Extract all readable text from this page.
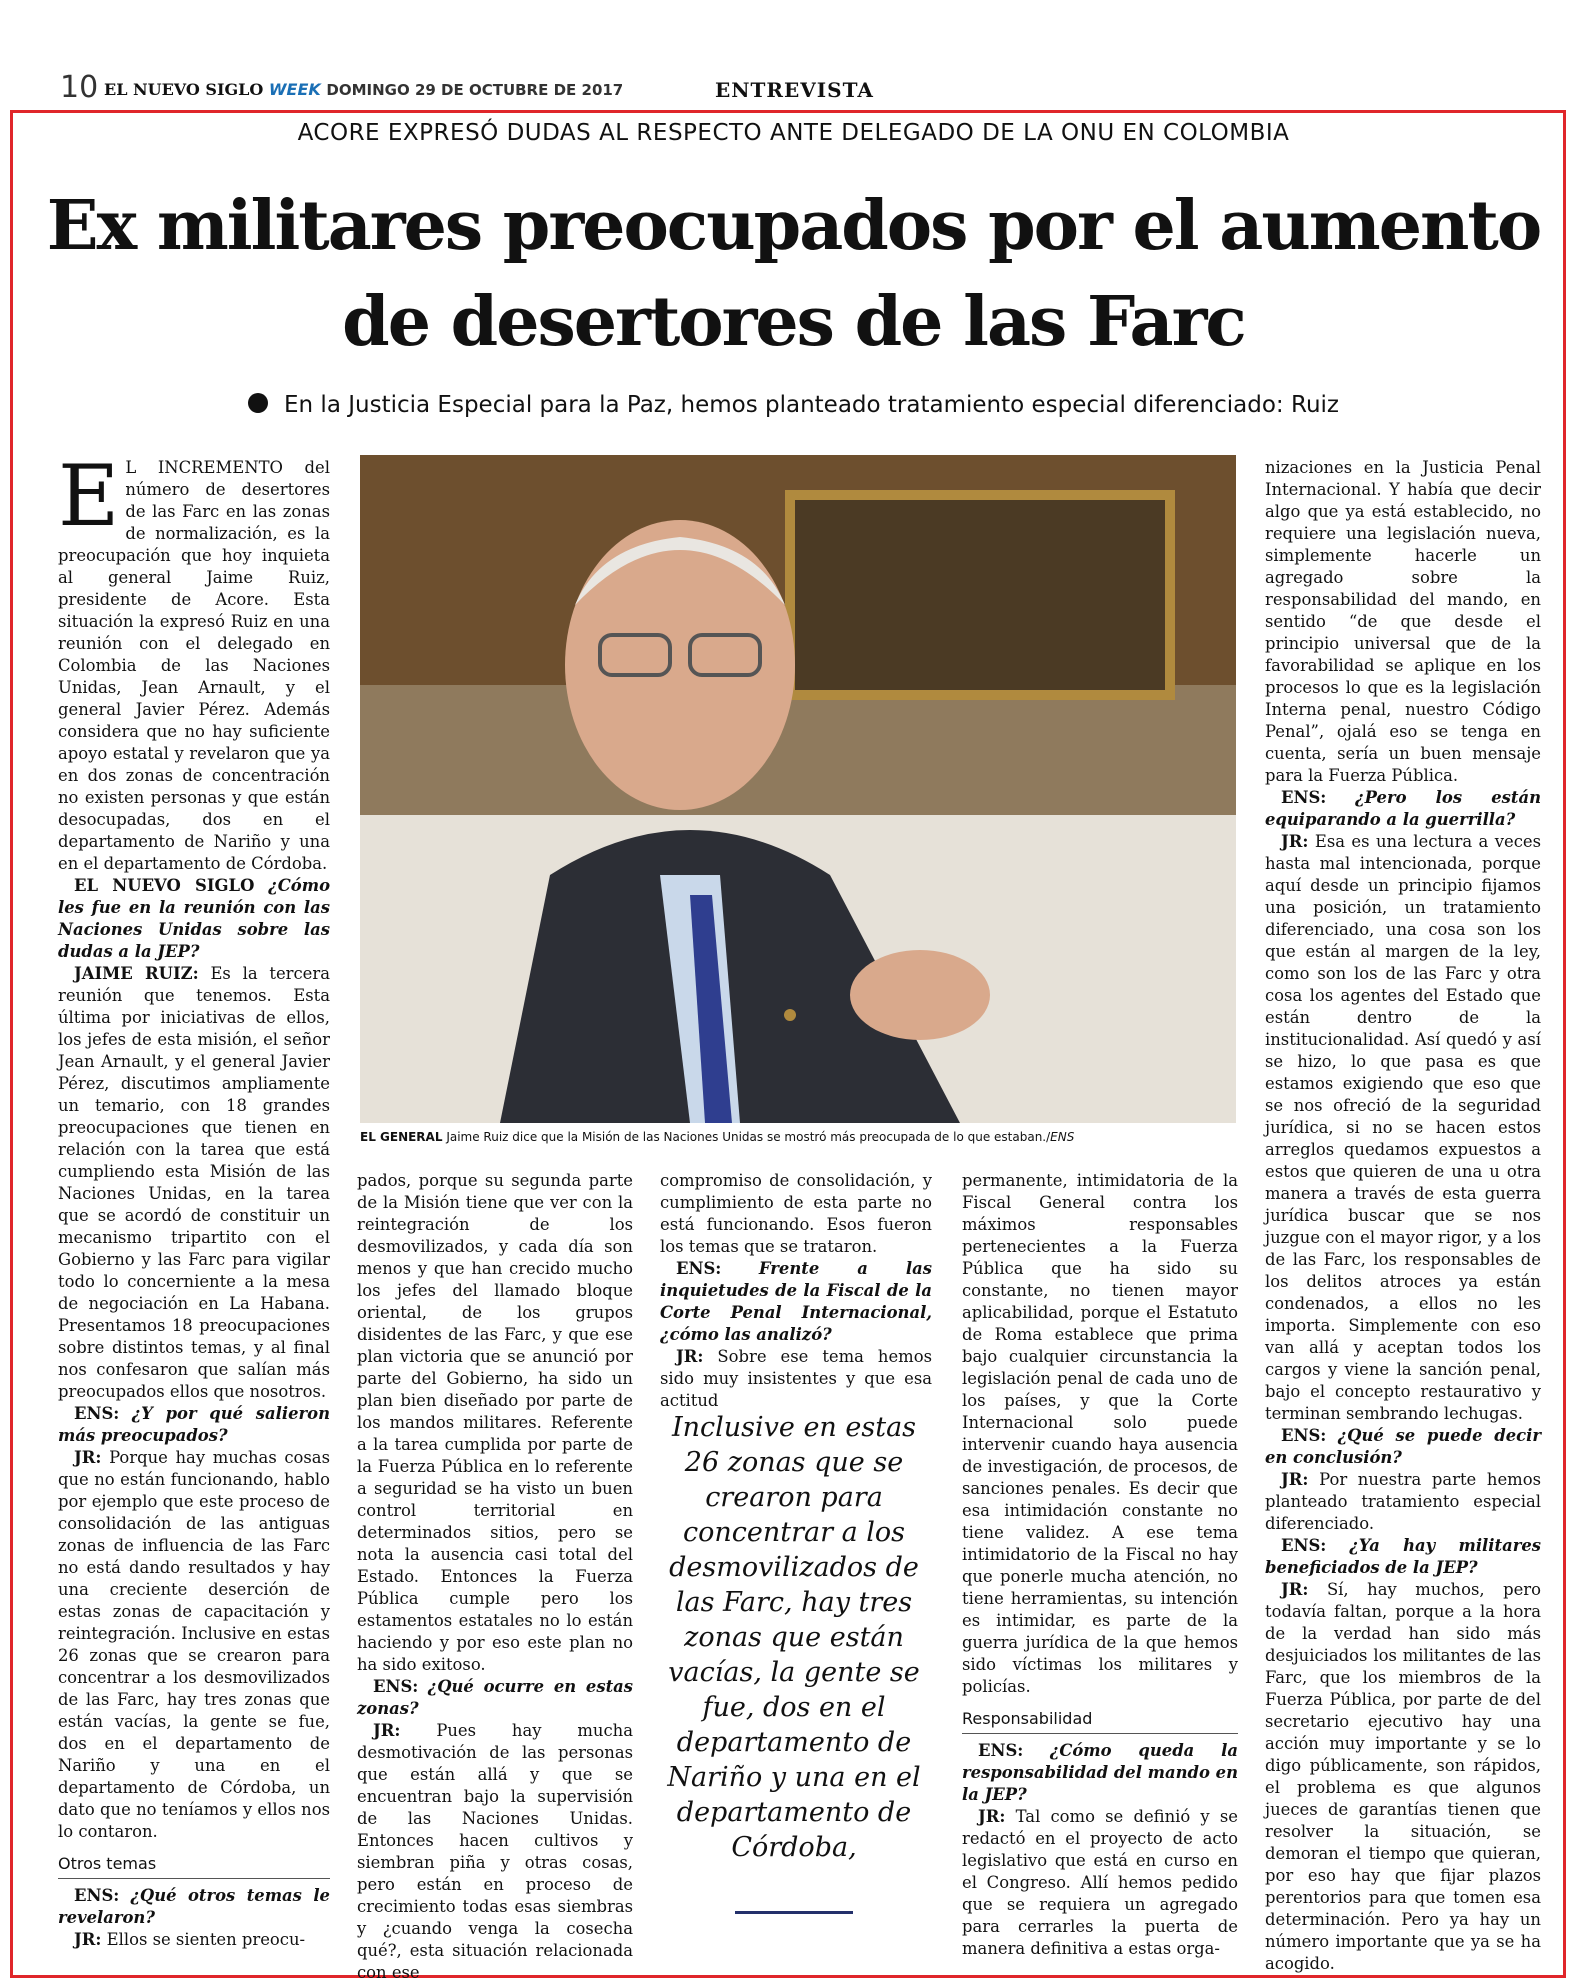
10 EL NUEVO SIGLO WEEK DOMINGO 29 DE OCTUBRE DE 2017	ENTREVISTA
ACORE EXPRESÓ DUDAS AL RESPECTO ANTE DELEGADO DE LA ONU EN COLOMBIA
Ex militares preocupados por el aumento
de desertores de las Farc
En la Justicia Especial para la Paz, hemos planteado tratamiento especial diferenciado: Ruiz

E L INCREMENTO del número de desertores de las Farc en las zonas de normalización, es la preocupación que hoy inquieta al general Jaime Ruiz, presidente de Acore. Esta situación la expresó Ruiz en una reunión con el delegado en Colombia de las Naciones Unidas, Jean Arnault, y el general Javier Pérez. Además considera que no hay suficiente apoyo estatal y revelaron que ya en dos zonas de concentración no existen personas y que están desocupadas, dos en el departamento de Nariño y una en el departamento de Córdoba.

EL NUEVO SIGLO ¿Cómo les fue en la reunión con las Naciones Unidas sobre las dudas a la JEP?

JAIME RUIZ: Es la tercera reunión que tenemos. Esta última por iniciativas de ellos, los jefes de esta misión, el señor Jean Arnault, y el general Javier Pérez, discutimos ampliamente un temario, con 18 grandes preocupaciones que tienen en relación con la tarea que está cumpliendo esta Misión de las Naciones Unidas, en la tarea que se acordó de constituir un mecanismo tripartito con el Gobierno y las Farc para vigilar todo lo concerniente a la mesa de negociación en La Habana. Presentamos 18 preocupaciones sobre distintos temas, y al final nos confesaron que salían más preocupados ellos que nosotros.

ENS: ¿Y por qué salieron más preocupados?

JR: Porque hay muchas cosas que no están funcionando, hablo por ejemplo que este proceso de consolidación de las antiguas zonas de influencia de las Farc no está dando resultados y hay una creciente deserción de estas zonas de capacitación y reintegración. Inclusive en estas 26 zonas que se crearon para concentrar a los desmovilizados de las Farc, hay tres zonas que están vacías, la gente se fue, dos en el departamento de Nariño y una en el departamento de Córdoba, un dato que no teníamos y ellos nos lo contaron.

Otros temas

ENS: ¿Qué otros temas le revelaron?

JR: Ellos se sienten preocu-

EL GENERAL Jaime Ruiz dice que la Misión de las Naciones Unidas se mostró más preocupada de lo que estaban./ENS

pados, porque su segunda parte de la Misión tiene que ver con la reintegración de los desmovilizados, y cada día son menos y que han crecido mucho los jefes del llamado bloque oriental, de los grupos disidentes de las Farc, y que ese plan victoria que se anunció por parte del Gobierno, ha sido un plan bien diseñado por parte de los mandos militares. Referente a la tarea cumplida por parte de la Fuerza Pública en lo referente a seguridad se ha visto un buen control territorial en determinados sitios, pero se nota la ausencia casi total del Estado. Entonces la Fuerza Pública cumple pero los estamentos estatales no lo están haciendo y por eso este plan no ha sido exitoso.

ENS: ¿Qué ocurre en estas zonas?

JR: Pues hay mucha desmotivación de las personas que están allá y que se encuentran bajo la supervisión de las Naciones Unidas. Entonces hacen cultivos y siembran piña y otras cosas, pero están en proceso de crecimiento todas esas siembras y ¿cuando venga la cosecha qué?, esta situación relacionada con ese

compromiso de consolidación, y cumplimiento de esta parte no está funcionando. Esos fueron los temas que se trataron.

ENS: Frente a las inquietudes de la Fiscal de la Corte Penal Internacional, ¿cómo las analizó?

JR: Sobre ese tema hemos sido muy insistentes y que esa actitud

Inclusive en estas 26 zonas que se crearon para concentrar a los desmovilizados de las Farc, hay tres zonas que están vacías, la gente se fue, dos en el departamento de Nariño y una en el departamento de Córdoba,

permanente, intimidatoria de la Fiscal General contra los máximos responsables pertenecientes a la Fuerza Pública que ha sido su constante, no tienen mayor aplicabilidad, porque el Estatuto de Roma establece que prima bajo cualquier circunstancia la legislación penal de cada uno de los países, y que la Corte Internacional solo puede intervenir cuando haya ausencia de investigación, de procesos, de sanciones penales. Es decir que esa intimidación constante no tiene validez. A ese tema intimidatorio de la Fiscal no hay que ponerle mucha atención, no tiene herramientas, su intención es intimidar, es parte de la guerra jurídica de la que hemos sido víctimas los militares y policías.

Responsabilidad

ENS: ¿Cómo queda la responsabilidad del mando en la JEP?

JR: Tal como se definió y se redactó en el proyecto de acto legislativo que está en curso en el Congreso. Allí hemos pedido que se requiera un agregado para cerrarles la puerta de manera definitiva a estas orga-

nizaciones en la Justicia Penal Internacional. Y había que decir algo que ya está establecido, no requiere una legislación nueva, simplemente hacerle un agregado sobre la responsabilidad del mando, en sentido “de que desde el principio universal que de la favorabilidad se aplique en los procesos lo que es la legislación Interna penal, nuestro Código Penal”, ojalá eso se tenga en cuenta, sería un buen mensaje para la Fuerza Pública.

ENS: ¿Pero los están equiparando a la guerrilla?

JR: Esa es una lectura a veces hasta mal intencionada, porque aquí desde un principio fijamos una posición, un tratamiento diferenciado, una cosa son los que están al margen de la ley, como son los de las Farc y otra cosa los agentes del Estado que están dentro de la institucionalidad. Así quedó y así se hizo, lo que pasa es que estamos exigiendo que eso que se nos ofreció de la seguridad jurídica, si no se hacen estos arreglos quedamos expuestos a estos que quieren de una u otra manera a través de esta guerra jurídica buscar que se nos juzgue con el mayor rigor, y a los de las Farc, los responsables de los delitos atroces ya están condenados, a ellos no les importa. Simplemente con eso van allá y aceptan todos los cargos y viene la sanción penal, bajo el concepto restaurativo y terminan sembrando lechugas.

ENS: ¿Qué se puede decir en conclusión?

JR: Por nuestra parte hemos planteado tratamiento especial diferenciado.

ENS: ¿Ya hay militares beneficiados de la JEP?

JR: Sí, hay muchos, pero todavía faltan, porque a la hora de la verdad han sido más desjuiciados los militantes de las Farc, que los miembros de la Fuerza Pública, por parte de del secretario ejecutivo hay una acción muy importante y se lo digo públicamente, son rápidos, el problema es que algunos jueces de garantías tienen que resolver la situación, se demoran el tiempo que quieran, por eso hay que fijar plazos perentorios para que tomen esa determinación. Pero ya hay un número importante que ya se ha acogido.
